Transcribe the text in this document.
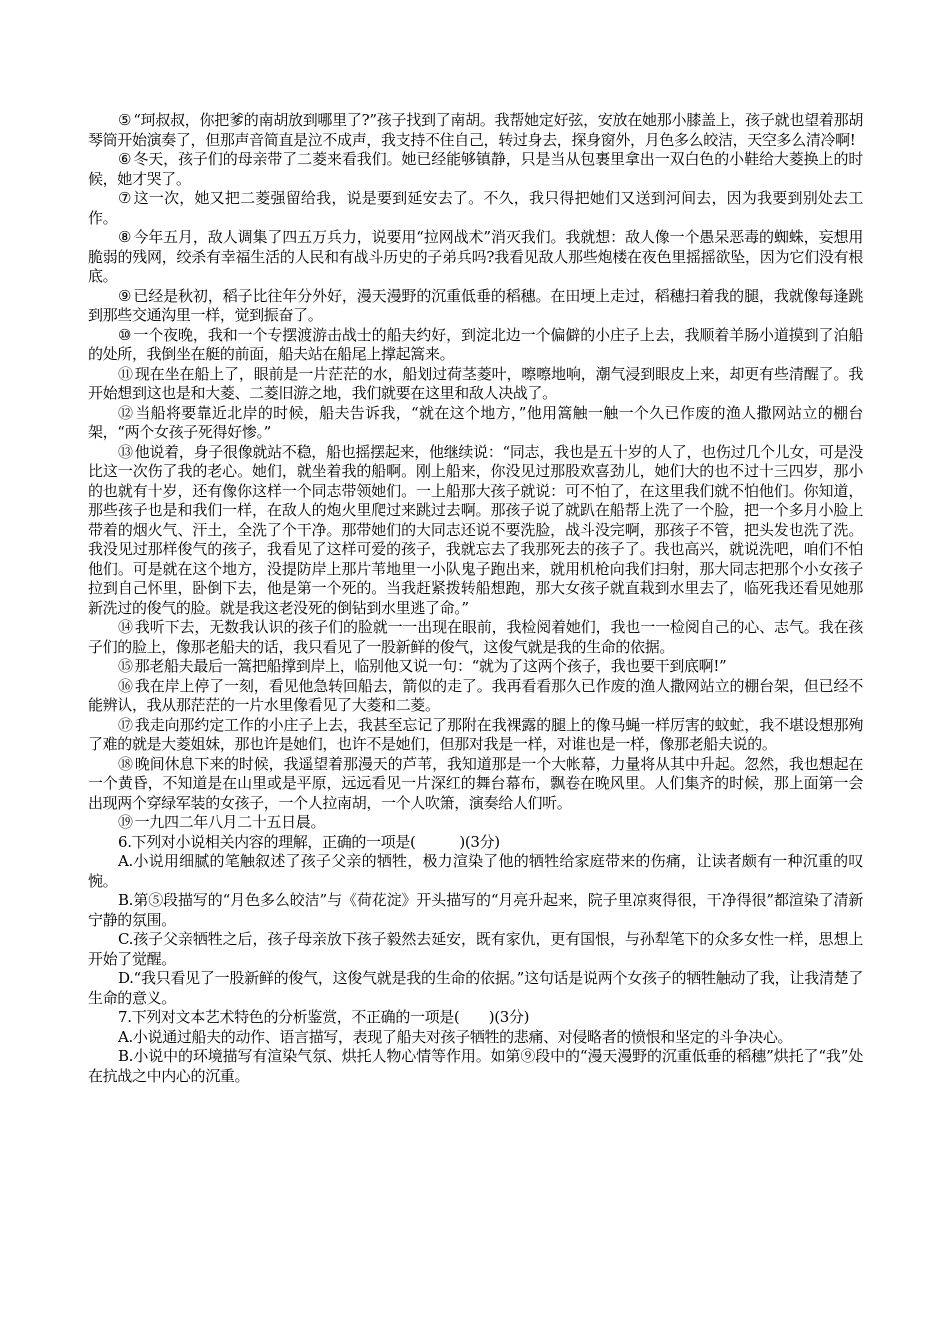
⑤ “珂叔叔，你把爹的南胡放到哪里了?”孩子找到了南胡。我帮她定好弦，安放在她那小膝盖上，孩子就也望着那胡琴筒开始演奏了，但那声音简直是泣不成声，我支持不住自己，转过身去，探身窗外，月色多么皎洁，天空多么清冷啊!

⑥ 冬天，孩子们的母亲带了二菱来看我们。她已经能够镇静，只是当从包裹里拿出一双白色的小鞋给大菱换上的时候，她才哭了。

⑦ 这一次，她又把二菱强留给我，说是要到延安去了。不久，我只得把她们又送到河间去，因为我要到别处去工作。

⑧ 今年五月，敌人调集了四五万兵力，说要用“拉网战术”消灭我们。我就想：敌人像一个愚呆恶毒的蜘蛛，妄想用脆弱的残网，绞杀有幸福生活的人民和有战斗历史的子弟兵吗?我看见敌人那些炮楼在夜色里摇摇欲坠，因为它们没有根底。

⑨ 已经是秋初，稻子比往年分外好，漫天漫野的沉重低垂的稻穗。在田埂上走过，稻穗扫着我的腿，我就像每逢跳到那些交通沟里一样，觉到振奋了。

⑩ 一个夜晚，我和一个专摆渡游击战士的船夫约好，到淀北边一个偏僻的小庄子上去，我顺着羊肠小道摸到了泊船的处所，我倒坐在艇的前面，船夫站在船尾上撑起篙来。

⑪ 现在坐在船上了，眼前是一片茫茫的水，船划过荷茎菱叶，嚓嚓地响，潮气浸到眼皮上来，却更有些清醒了。我开始想到这也是和大菱、二菱旧游之地，我们就要在这里和敌人决战了。

⑫ 当船将要靠近北岸的时候，船夫告诉我，“就在这个地方，”他用篙触一触一个久已作废的渔人撒网站立的棚台架，“两个女孩子死得好惨。”

⑬ 他说着，身子很像就站不稳，船也摇摆起来，他继续说：“同志，我也是五十岁的人了，也伤过几个儿女，可是没比这一次伤了我的老心。她们，就坐着我的船啊。刚上船来，你没见过那股欢喜劲儿，她们大的也不过十三四岁，那小的也就有十岁，还有像你这样一个同志带领她们。一上船那大孩子就说：可不怕了，在这里我们就不怕他们。你知道，那些孩子也是和我们一样，在敌人的炮火里爬过来跳过去啊。那孩子说了就趴在船帮上洗了一个脸，把一个多月小脸上带着的烟火气、汗土，全洗了个干净。那带她们的大同志还说不要洗脸，战斗没完啊，那孩子不管，把头发也洗了洗。我没见过那样俊气的孩子，我看见了这样可爱的孩子，我就忘去了我那死去的孩子了。我也高兴，就说洗吧，咱们不怕他们。可是就在这个地方，没提防岸上那片苇地里一小队鬼子跑出来，就用机枪向我们扫射，那大同志把那个小女孩子拉到自己怀里，卧倒下去，他是第一个死的。当我赶紧拨转船想跑，那大女孩子就直栽到水里去了，临死我还看见她那新洗过的俊气的脸。就是我这老没死的倒钻到水里逃了命。”

⑭ 我听下去，无数我认识的孩子们的脸就一一出现在眼前，我检阅着她们，我也一一检阅自己的心、志气。我在孩子们的脸上，像那老船夫的话，我只看见了一股新鲜的俊气，这俊气就是我的生命的依据。

⑮ 那老船夫最后一篙把船撑到岸上，临别他又说一句：“就为了这两个孩子，我也要干到底啊!”

⑯ 我在岸上停了一刻，看见他急转回船去，箭似的走了。我再看看那久已作废的渔人撒网站立的棚台架，但已经不能辨认，我从那茫茫的一片水里像看见了大菱和二菱。

⑰ 我走向那约定工作的小庄子上去，我甚至忘记了那附在我裸露的腿上的像马蝇一样厉害的蚊虻，我不堪设想那殉了难的就是大菱姐妹，那也许是她们，也许不是她们，但那对我是一样，对谁也是一样，像那老船夫说的。

⑱ 晚间休息下来的时候，我遥望着那漫天的芦苇，我知道那是一个大帐幕，力量将从其中升起。忽然，我也想起在一个黄昏，不知道是在山里或是平原，远远看见一片深红的舞台幕布，飘卷在晚风里。人们集齐的时候，那上面第一会出现两个穿绿军装的女孩子，一个人拉南胡，一个人吹箫，演奏给人们听。

⑲ 一九四二年八月二十五日晨。

6.下列对小说相关内容的理解，正确的一项是(　　　)(3分)

A.小说用细腻的笔触叙述了孩子父亲的牺牲，极力渲染了他的牺牲给家庭带来的伤痛，让读者颇有一种沉重的叹惋。

B.第⑤段描写的“月色多么皎洁”与《荷花淀》开头描写的“月亮升起来，院子里凉爽得很，干净得很”都渲染了清新宁静的氛围。

C.孩子父亲牺牲之后，孩子母亲放下孩子毅然去延安，既有家仇，更有国恨，与孙犁笔下的众多女性一样，思想上开始了觉醒。

D.“我只看见了一股新鲜的俊气，这俊气就是我的生命的依据。”这句话是说两个女孩子的牺牲触动了我，让我清楚了生命的意义。

7.下列对文本艺术特色的分析鉴赏，不正确的一项是(　　)(3分)

A.小说通过船夫的动作、语言描写，表现了船夫对孩子牺牲的悲痛、对侵略者的愤恨和坚定的斗争决心。

B.小说中的环境描写有渲染气氛、烘托人物心情等作用。如第⑨段中的“漫天漫野的沉重低垂的稻穗”烘托了“我”处在抗战之中内心的沉重。
